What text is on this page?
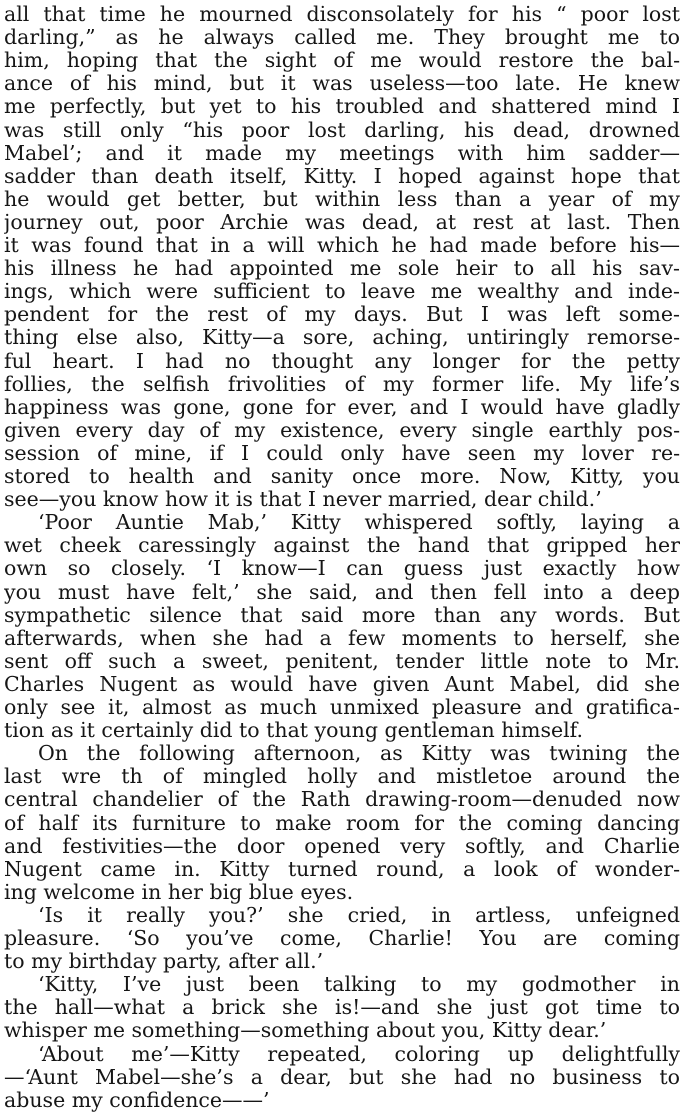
all that time he mourned disconsolately for his “ poor lost

darling,” as he always called me. They brought me to

him, hoping that the sight of me would restore the bal-

ance of his mind, but it was useless—too late. He knew

me perfectly, but yet to his troubled and shattered mind I

was still only “his poor lost darling, his dead, drowned

Mabel’; and it made my meetings with him sadder—

sadder than death itself, Kitty. I hoped against hope that

he would get better, but within less than a year of my

journey out, poor Archie was dead, at rest at last. Then

it was found that in a will which he had made before his—

his illness he had appointed me sole heir to all his sav-

ings, which were sufficient to leave me wealthy and inde-

pendent for the rest of my days. But I was left some-

thing else also, Kitty—a sore, aching, untiringly remorse-

ful heart. I had no thought any longer for the petty

follies, the selfish frivolities of my former life. My life’s

happiness was gone, gone for ever, and I would have gladly

given every day of my existence, every single earthly pos-

session of mine, if I could only have seen my lover re-

stored to health and sanity once more. Now, Kitty, you

see—you know how it is that I never married, dear child.’

‘Poor Auntie Mab,’ Kitty whispered softly, laying a

wet cheek caressingly against the hand that gripped her

own so closely. ‘I know—I can guess just exactly how

you must have felt,’ she said, and then fell into a deep

sympathetic silence that said more than any words. But

afterwards, when she had a few moments to herself, she

sent off such a sweet, penitent, tender little note to Mr.

Charles Nugent as would have given Aunt Mabel, did she

only see it, almost as much unmixed pleasure and gratifica-

tion as it certainly did to that young gentleman himself.

On the following afternoon, as Kitty was twining the

last wre th of mingled holly and mistletoe around the

central chandelier of the Rath drawing-room—denuded now

of half its furniture to make room for the coming dancing

and festivities—the door opened very softly, and Charlie

Nugent came in. Kitty turned round, a look of wonder-

ing welcome in her big blue eyes.

‘Is it really you?’ she cried, in artless, unfeigned

pleasure. ‘So you’ve come, Charlie! You are coming

to my birthday party, after all.’

‘Kitty, I’ve just been talking to my godmother in

the hall—what a brick she is!—and she just got time to

whisper me something—something about you, Kitty dear.’

‘About me’—Kitty repeated, coloring up delightfully

—‘Aunt Mabel—she’s a dear, but she had no business to

abuse my confidence——’
